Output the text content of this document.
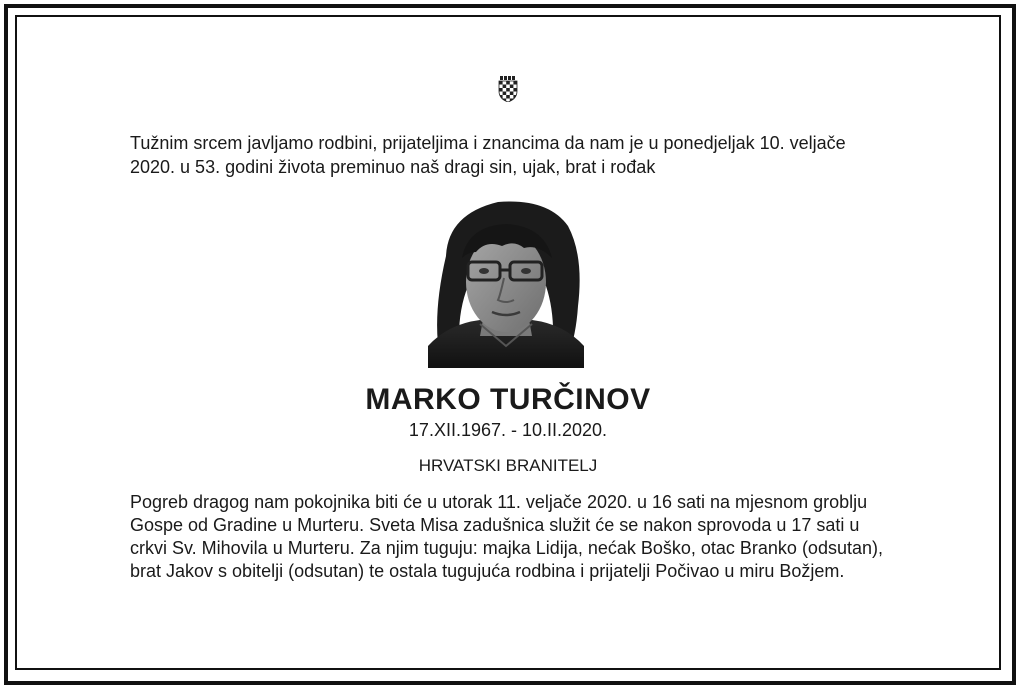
Tužnim srcem javljamo rodbini, prijateljima i znancima da nam je u ponedjeljak 10. veljače 2020. u 53. godini života preminuo naš dragi sin, ujak, brat i rođak
MARKO TURČINOV
17.XII.1967. - 10.II.2020.
HRVATSKI BRANITELJ
Pogreb dragog nam pokojnika biti će u utorak 11. veljače 2020. u 16 sati na mjesnom groblju Gospe od Gradine u Murteru. Sveta Misa zadušnica služit će se nakon sprovoda u 17 sati u crkvi Sv. Mihovila u Murteru. Za njim tuguju: majka Lidija, nećak Boško, otac Branko (odsutan), brat Jakov s obitelji (odsutan) te ostala tugujuća rodbina i prijatelji Počivao u miru Božjem.
